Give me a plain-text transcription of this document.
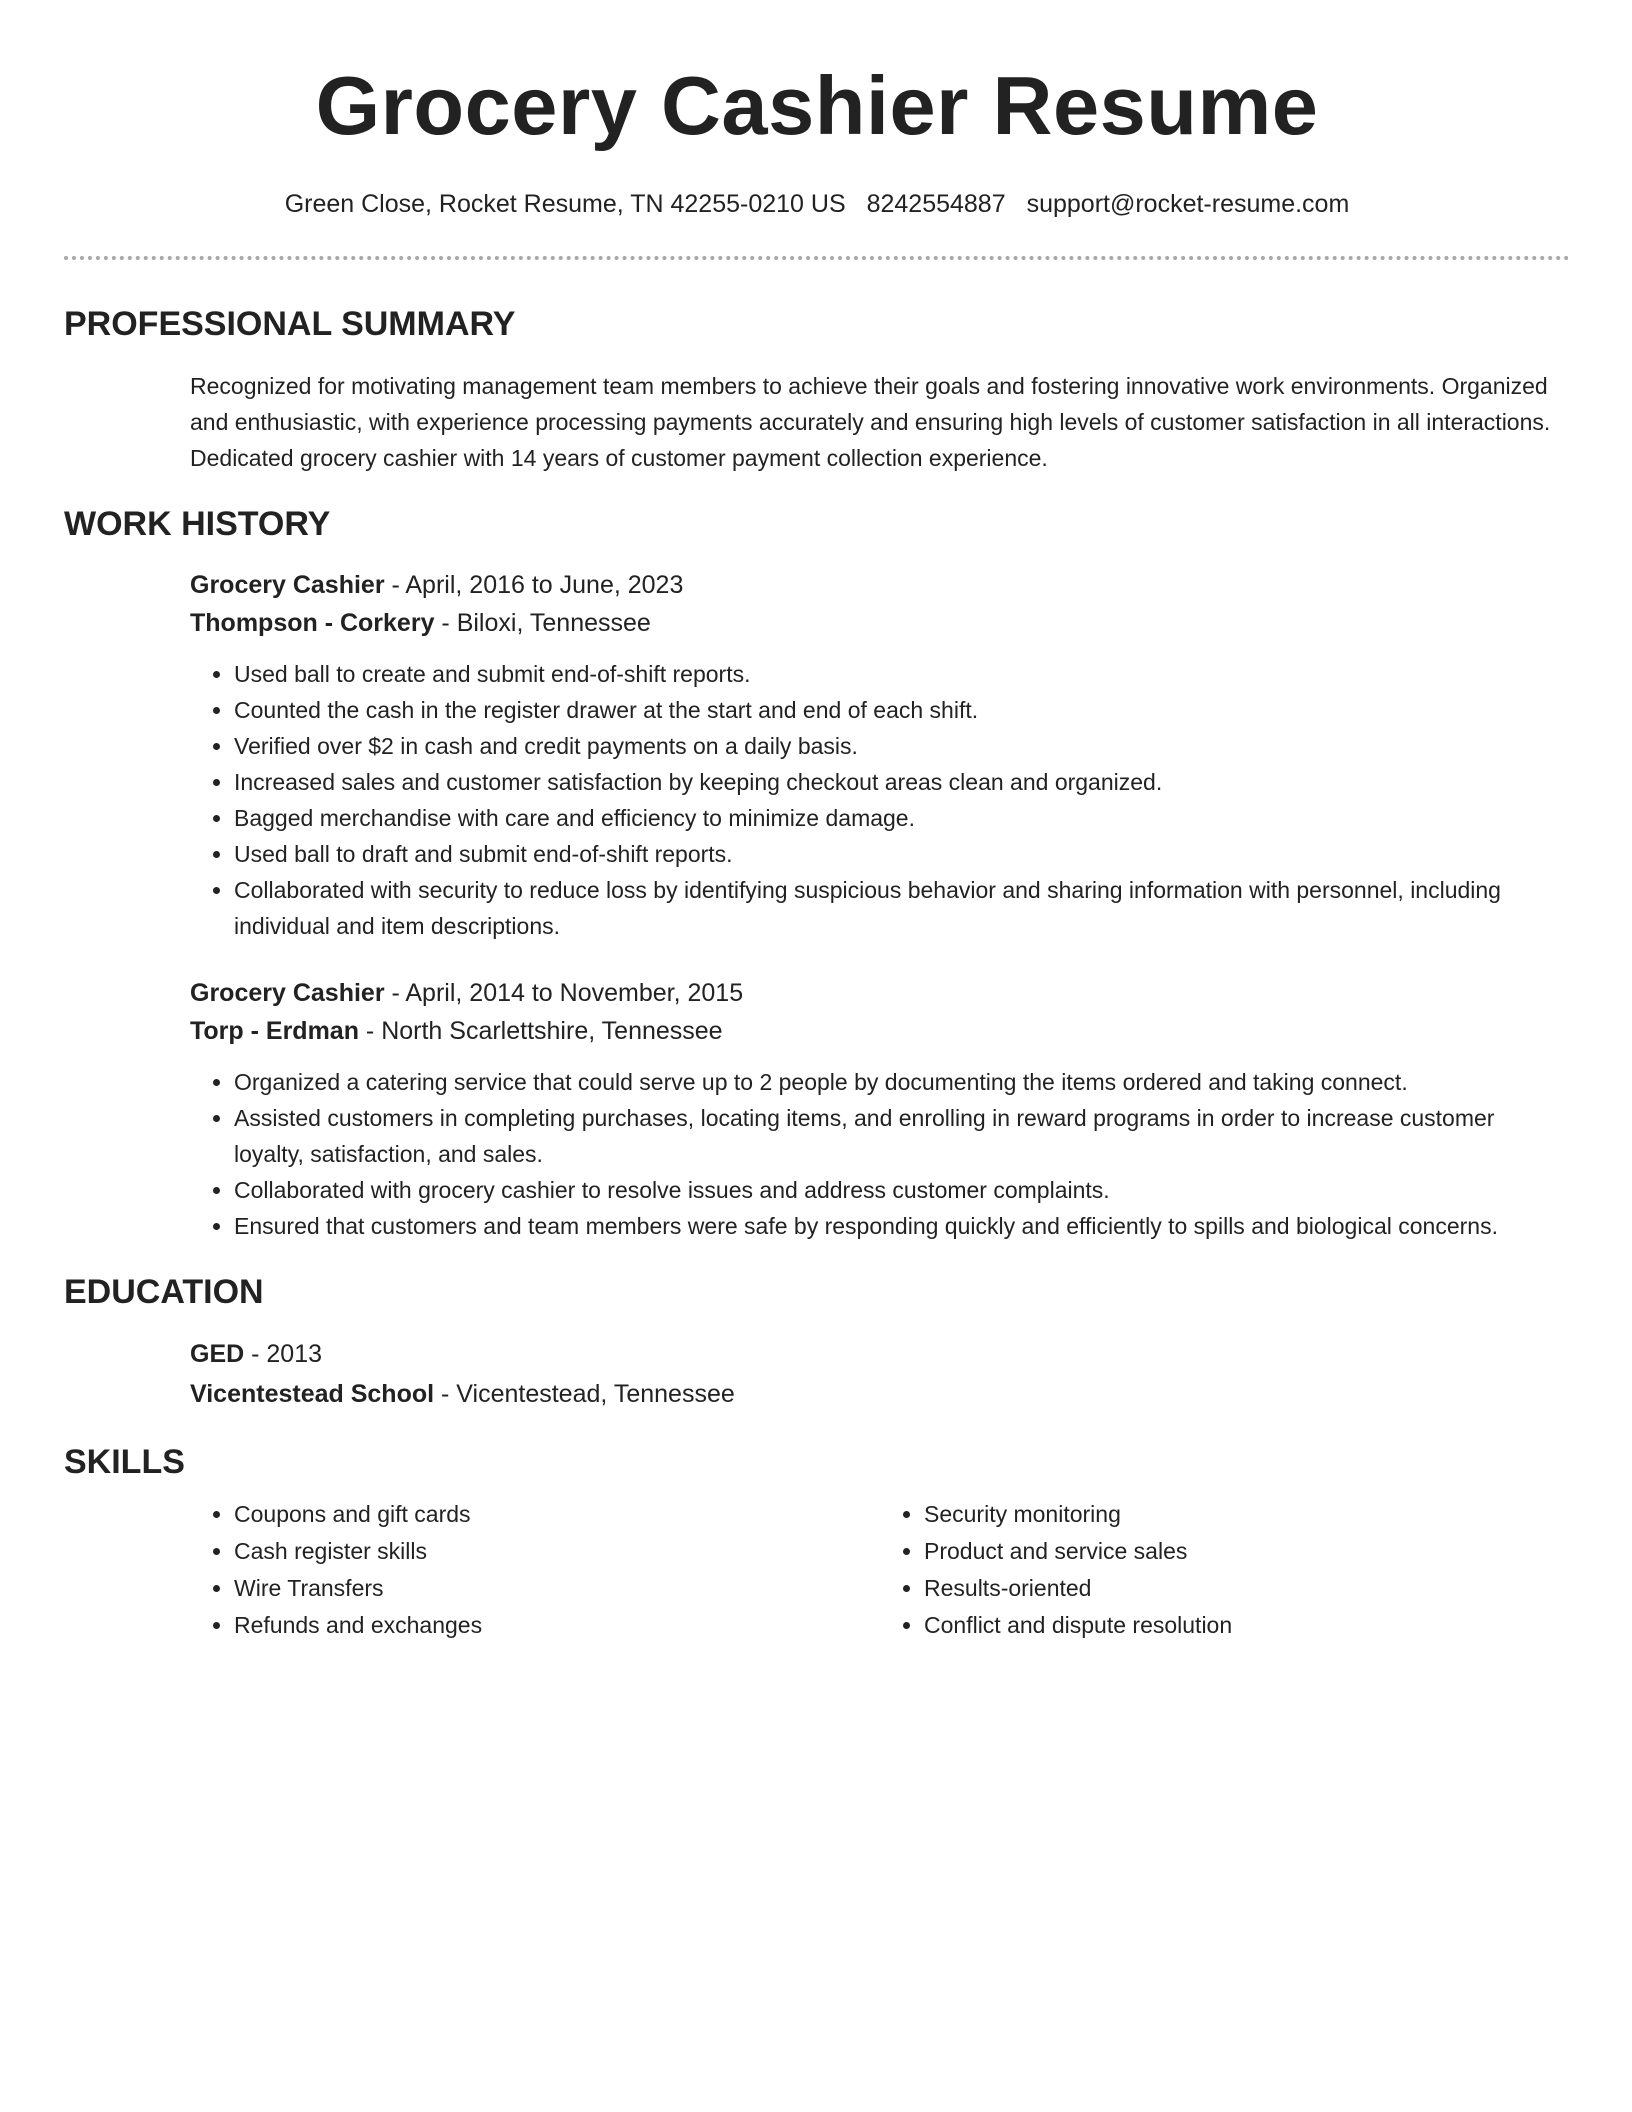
Grocery Cashier Resume
Green Close, Rocket Resume, TN 42255-0210 US 8242554887 support@rocket-resume.com
PROFESSIONAL SUMMARY

Recognized for motivating management team members to achieve their goals and fostering innovative work environments. Organized and enthusiastic, with experience processing payments accurately and ensuring high levels of customer satisfaction in all interactions. Dedicated grocery cashier with 14 years of customer payment collection experience.

WORK HISTORY
Grocery Cashier - April, 2016 to June, 2023
Thompson - Corkery - Biloxi, Tennessee
• Used ball to create and submit end-of-shift reports.
• Counted the cash in the register drawer at the start and end of each shift.
• Verified over $2 in cash and credit payments on a daily basis.
• Increased sales and customer satisfaction by keeping checkout areas clean and organized.
• Bagged merchandise with care and efficiency to minimize damage.
• Used ball to draft and submit end-of-shift reports.
• Collaborated with security to reduce loss by identifying suspicious behavior and sharing information with personnel, including individual and item descriptions.
Grocery Cashier - April, 2014 to November, 2015
Torp - Erdman - North Scarlettshire, Tennessee
• Organized a catering service that could serve up to 2 people by documenting the items ordered and taking connect.
• Assisted customers in completing purchases, locating items, and enrolling in reward programs in order to increase customer loyalty, satisfaction, and sales.
• Collaborated with grocery cashier to resolve issues and address customer complaints.
• Ensured that customers and team members were safe by responding quickly and efficiently to spills and biological concerns.
EDUCATION
GED - 2013
Vicentestead School - Vicentestead, Tennessee
SKILLS
• Coupons and gift cards
• Cash register skills
• Wire Transfers
• Refunds and exchanges
• Security monitoring
• Product and service sales
• Results-oriented
• Conflict and dispute resolution
